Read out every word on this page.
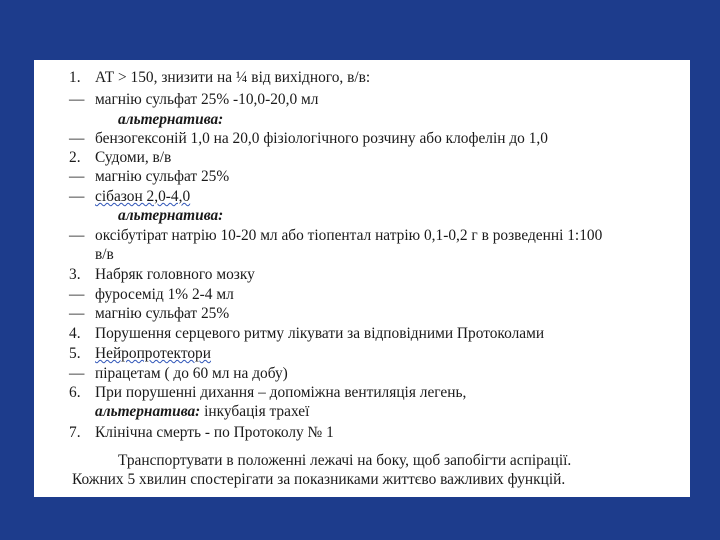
1. АТ > 150, знизити на ¼ від вихідного, в/в:
— магнію сульфат 25% -10,0-20,0 мл
альтернатива:
— бензогексоній 1,0 на 20,0 фізіологічного розчину або клофелін до 1,0
2. Судоми, в/в
— магнію сульфат 25%
— сібазон 2,0-4,0
альтернатива:
— оксібутірат натрію 10-20 мл або тіопентал натрію 0,1-0,2 г в розведенні 1:100
в/в
3. Набряк головного мозку
— фуросемід 1% 2-4 мл
— магнію сульфат 25%
4. Порушення серцевого ритму лікувати за відповідними Протоколами
5. Нейропротектори
— пірацетам ( до 60 мл на добу)
6. При порушенні дихання – допоміжна вентиляція легень,
альтернатива: інкубація трахеї
7. Клінічна смерть - по Протоколу № 1
Транспортувати в положенні лежачі на боку, щоб запобігти аспірації.
Кожних 5 хвилин спостерігати за показниками життєво важливих функцій.
